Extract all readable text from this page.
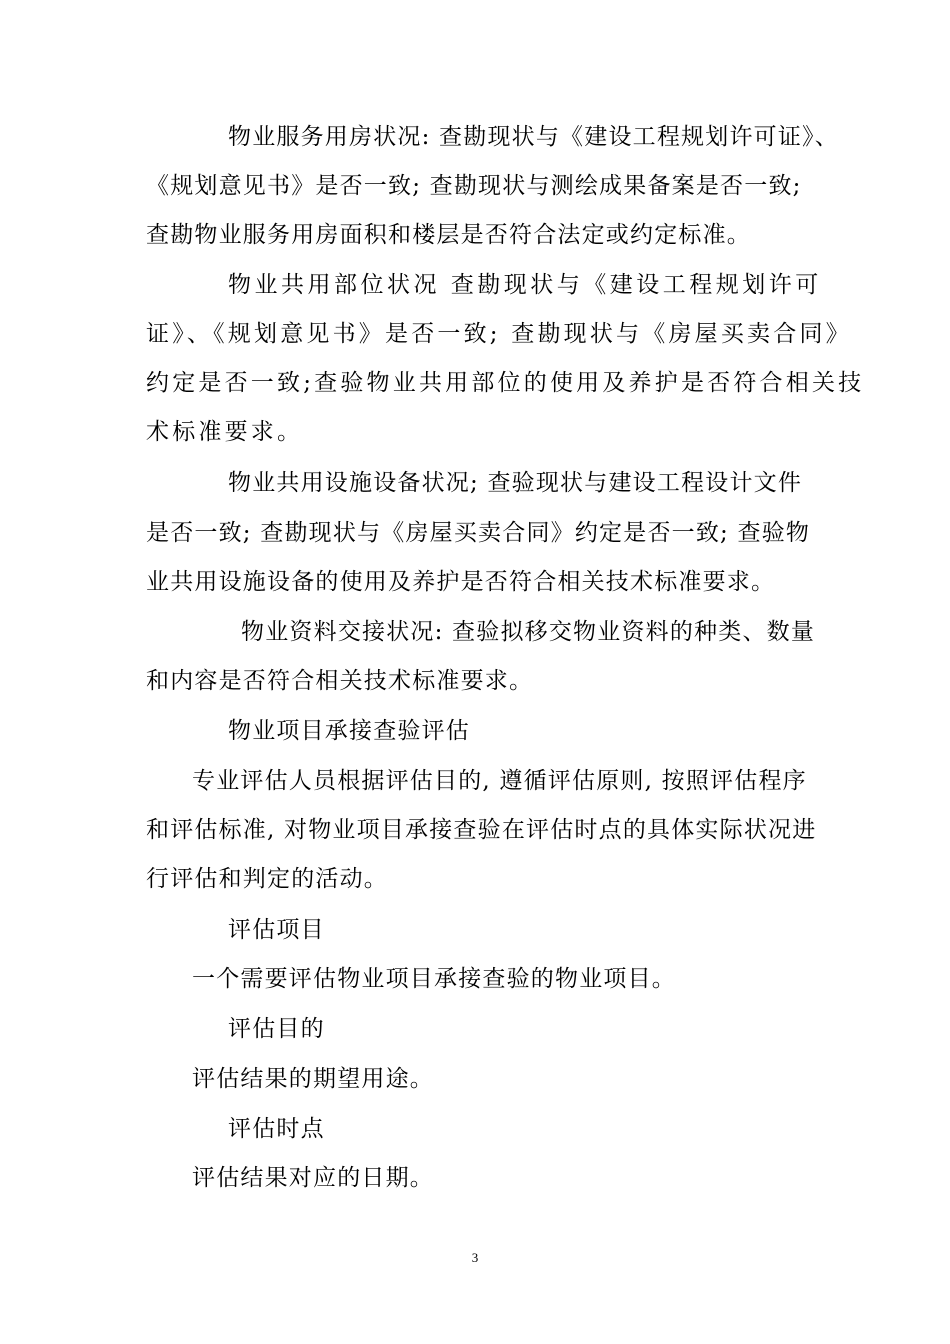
物业服务用房状况: 查勘现状与《建设工程规划许可证》、
《规划意见书》是否一致; 查勘现状与测绘成果备案是否一致;
查勘物业服务用房面积和楼层是否符合法定或约定标准。
物业共用部位状况 查勘现状与《建设工程规划许可
证》、《规划意见书》是否一致; 查勘现状与《房屋买卖合同》
约定是否一致;查验物业共用部位的使用及养护是否符合相关技
术标准要求。
物业共用设施设备状况; 查验现状与建设工程设计文件
是否一致; 查勘现状与《房屋买卖合同》约定是否一致; 查验物
业共用设施设备的使用及养护是否符合相关技术标准要求。
物业资料交接状况: 查验拟移交物业资料的种类、数量
和内容是否符合相关技术标准要求。
物业项目承接查验评估
专业评估人员根据评估目的, 遵循评估原则, 按照评估程序
和评估标准, 对物业项目承接查验在评估时点的具体实际状况进
行评估和判定的活动。
评估项目
一个需要评估物业项目承接查验的物业项目。
评估目的
评估结果的期望用途。
评估时点
评估结果对应的日期。
3
